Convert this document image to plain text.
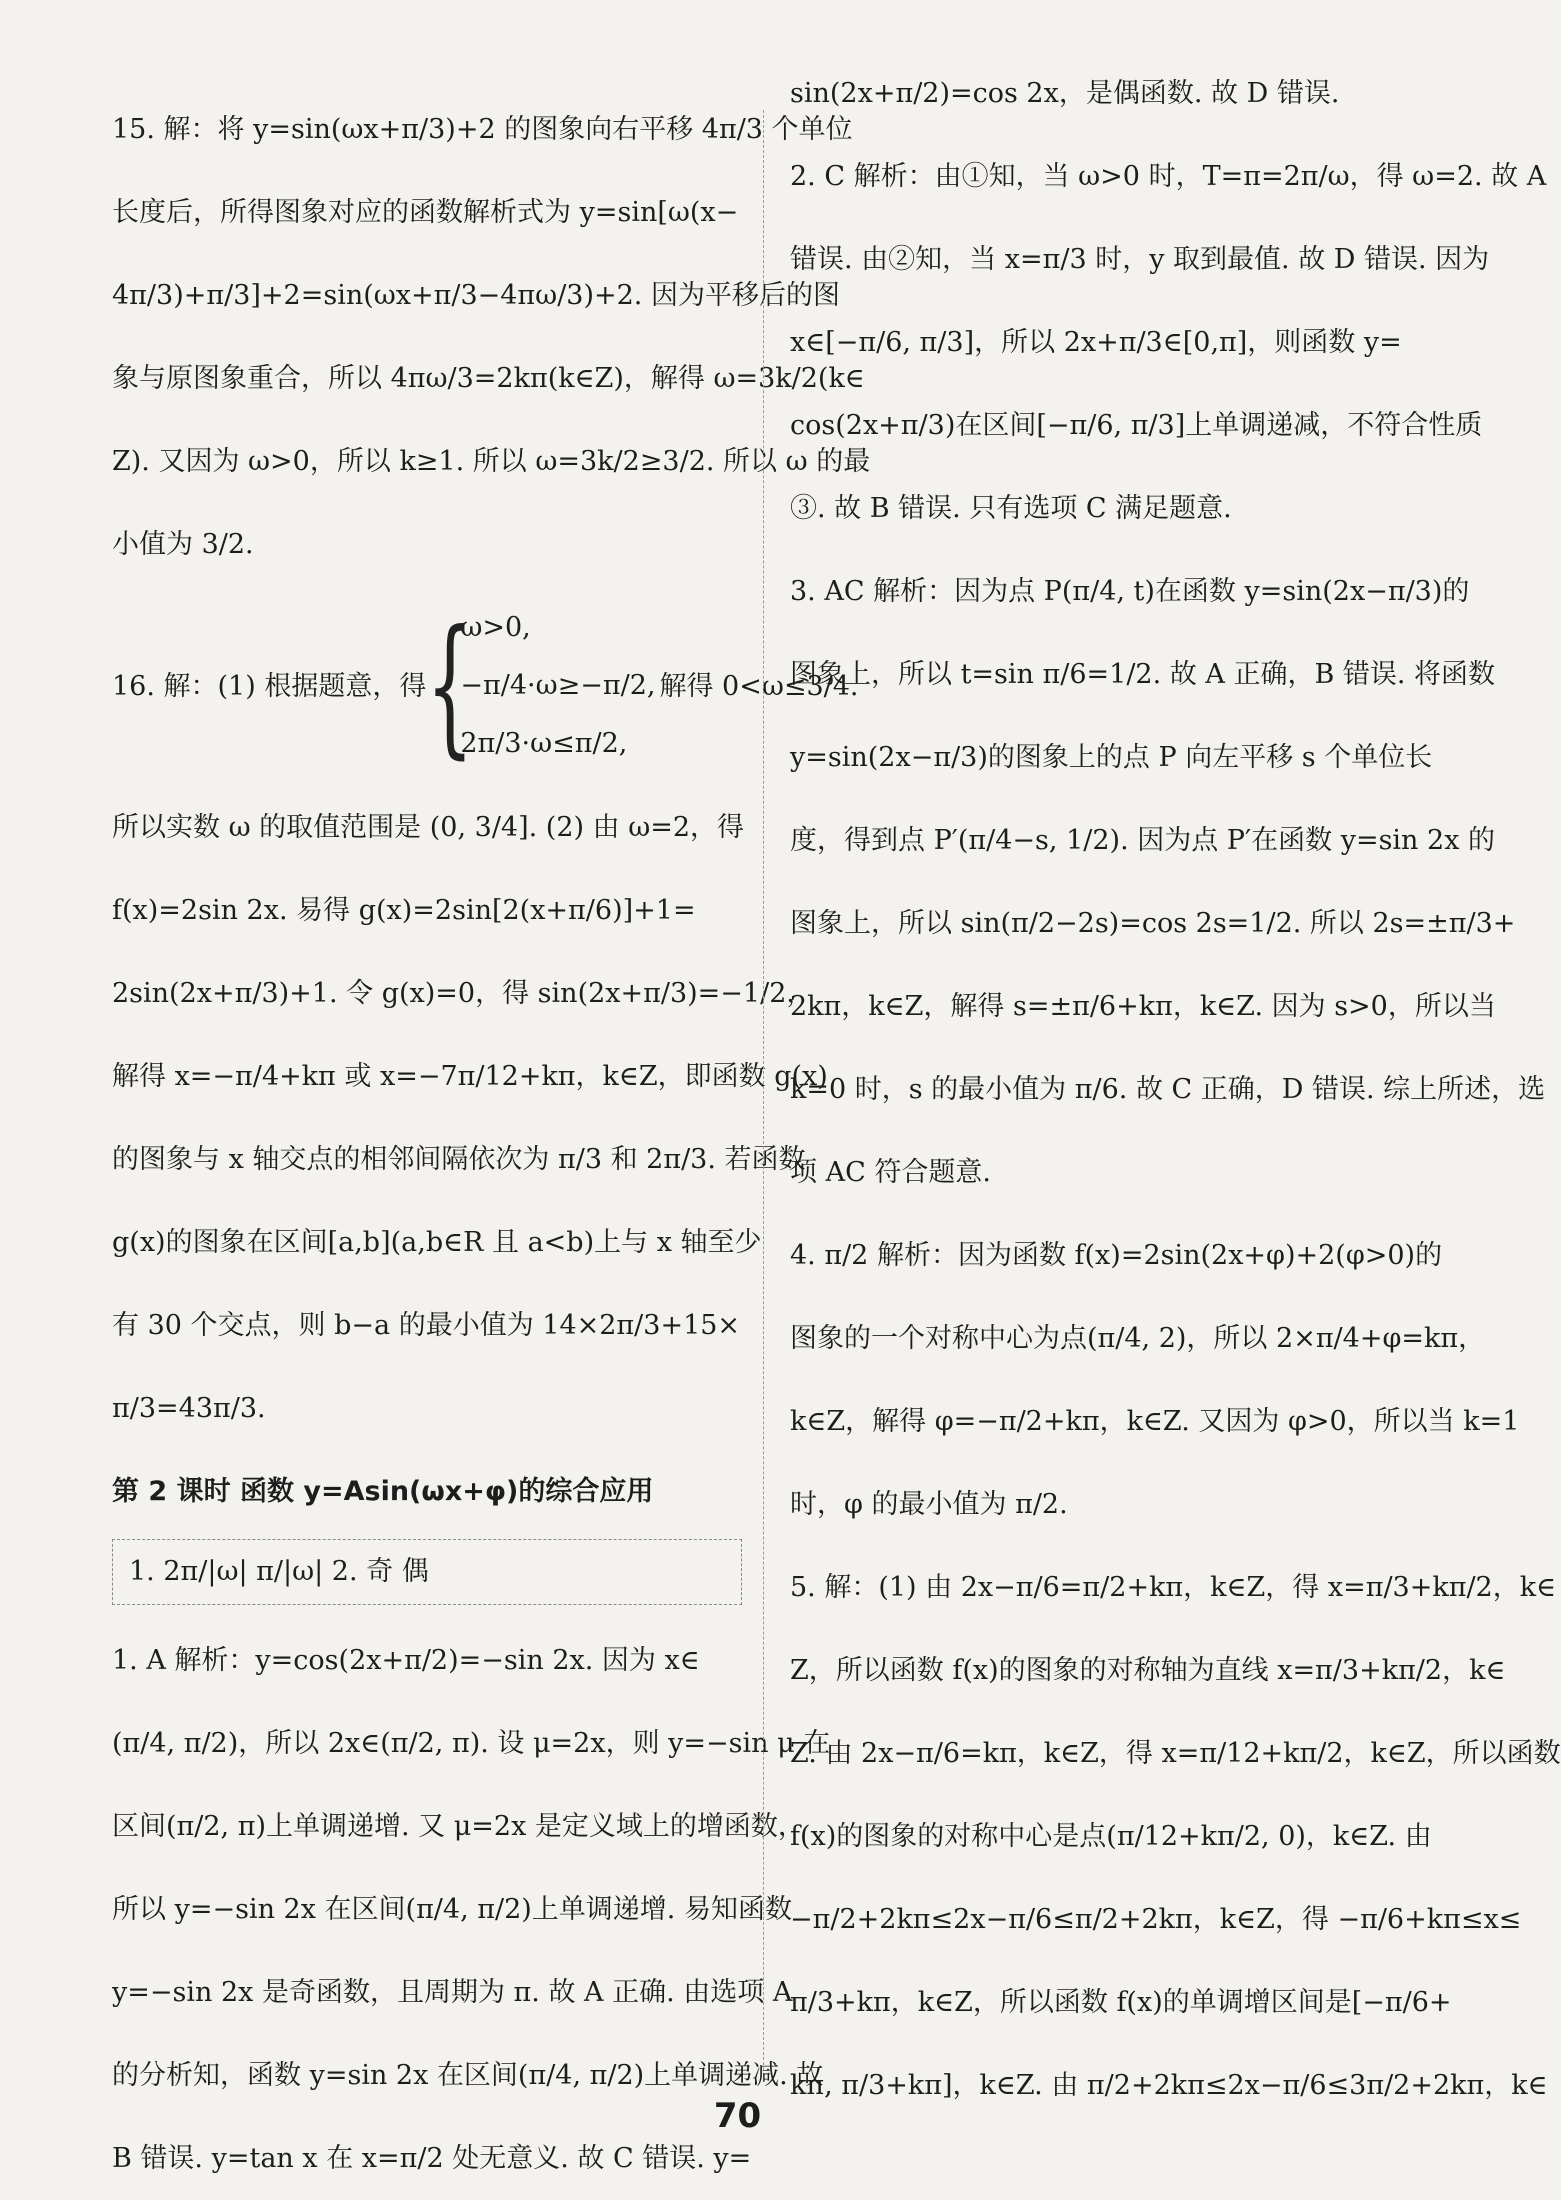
15. 解：将 y=sin(ωx+π/3)+2 的图象向右平移 4π/3 个单位
长度后，所得图象对应的函数解析式为 y=sin[ω(x−
4π/3)+π/3]+2=sin(ωx+π/3−4πω/3)+2. 因为平移后的图
象与原图象重合，所以 4πω/3=2kπ(k∈Z)，解得 ω=3k/2(k∈
Z). 又因为 ω>0，所以 k≥1. 所以 ω=3k/2≥3/2. 所以 ω 的最
小值为 3/2.
16. 解：(1) 根据题意，得 {
ω>0,
−π/4·ω≥−π/2,
2π/3·ω≤π/2,
解得 0<ω≤3/4.
所以实数 ω 的取值范围是 (0, 3/4]. (2) 由 ω=2，得
f(x)=2sin 2x. 易得 g(x)=2sin[2(x+π/6)]+1=
2sin(2x+π/3)+1. 令 g(x)=0，得 sin(2x+π/3)=−1/2，
解得 x=−π/4+kπ 或 x=−7π/12+kπ，k∈Z，即函数 g(x)
的图象与 x 轴交点的相邻间隔依次为 π/3 和 2π/3. 若函数
g(x)的图象在区间[a,b](a,b∈R 且 a<b)上与 x 轴至少
有 30 个交点，则 b−a 的最小值为 14×2π/3+15×
π/3=43π/3.
第 2 课时 函数 y=Asin(ωx+φ)的综合应用
1. 2π/|ω| π/|ω| 2. 奇 偶
1. A 解析：y=cos(2x+π/2)=−sin 2x. 因为 x∈
(π/4, π/2)，所以 2x∈(π/2, π). 设 μ=2x，则 y=−sin μ 在
区间(π/2, π)上单调递增. 又 μ=2x 是定义域上的增函数，
所以 y=−sin 2x 在区间(π/4, π/2)上单调递增. 易知函数
y=−sin 2x 是奇函数，且周期为 π. 故 A 正确. 由选项 A
的分析知，函数 y=sin 2x 在区间(π/4, π/2)上单调递减. 故
B 错误. y=tan x 在 x=π/2 处无意义. 故 C 错误. y=
sin(2x+π/2)=cos 2x，是偶函数. 故 D 错误.
2. C 解析：由①知，当 ω>0 时，T=π=2π/ω，得 ω=2. 故 A
错误. 由②知，当 x=π/3 时，y 取到最值. 故 D 错误. 因为
x∈[−π/6, π/3]，所以 2x+π/3∈[0,π]，则函数 y=
cos(2x+π/3)在区间[−π/6, π/3]上单调递减，不符合性质
③. 故 B 错误. 只有选项 C 满足题意.
3. AC 解析：因为点 P(π/4, t)在函数 y=sin(2x−π/3)的
图象上，所以 t=sin π/6=1/2. 故 A 正确，B 错误. 将函数
y=sin(2x−π/3)的图象上的点 P 向左平移 s 个单位长
度，得到点 P′(π/4−s, 1/2). 因为点 P′在函数 y=sin 2x 的
图象上，所以 sin(π/2−2s)=cos 2s=1/2. 所以 2s=±π/3+
2kπ，k∈Z，解得 s=±π/6+kπ，k∈Z. 因为 s>0，所以当
k=0 时，s 的最小值为 π/6. 故 C 正确，D 错误. 综上所述，选
项 AC 符合题意.
4. π/2 解析：因为函数 f(x)=2sin(2x+φ)+2(φ>0)的
图象的一个对称中心为点(π/4, 2)，所以 2×π/4+φ=kπ，
k∈Z，解得 φ=−π/2+kπ，k∈Z. 又因为 φ>0，所以当 k=1
时，φ 的最小值为 π/2.
5. 解：(1) 由 2x−π/6=π/2+kπ，k∈Z，得 x=π/3+kπ/2，k∈
Z，所以函数 f(x)的图象的对称轴为直线 x=π/3+kπ/2，k∈
Z. 由 2x−π/6=kπ，k∈Z，得 x=π/12+kπ/2，k∈Z，所以函数
f(x)的图象的对称中心是点(π/12+kπ/2, 0)，k∈Z. 由
−π/2+2kπ≤2x−π/6≤π/2+2kπ，k∈Z，得 −π/6+kπ≤x≤
π/3+kπ，k∈Z，所以函数 f(x)的单调增区间是[−π/6+
kπ, π/3+kπ]，k∈Z. 由 π/2+2kπ≤2x−π/6≤3π/2+2kπ，k∈
70
